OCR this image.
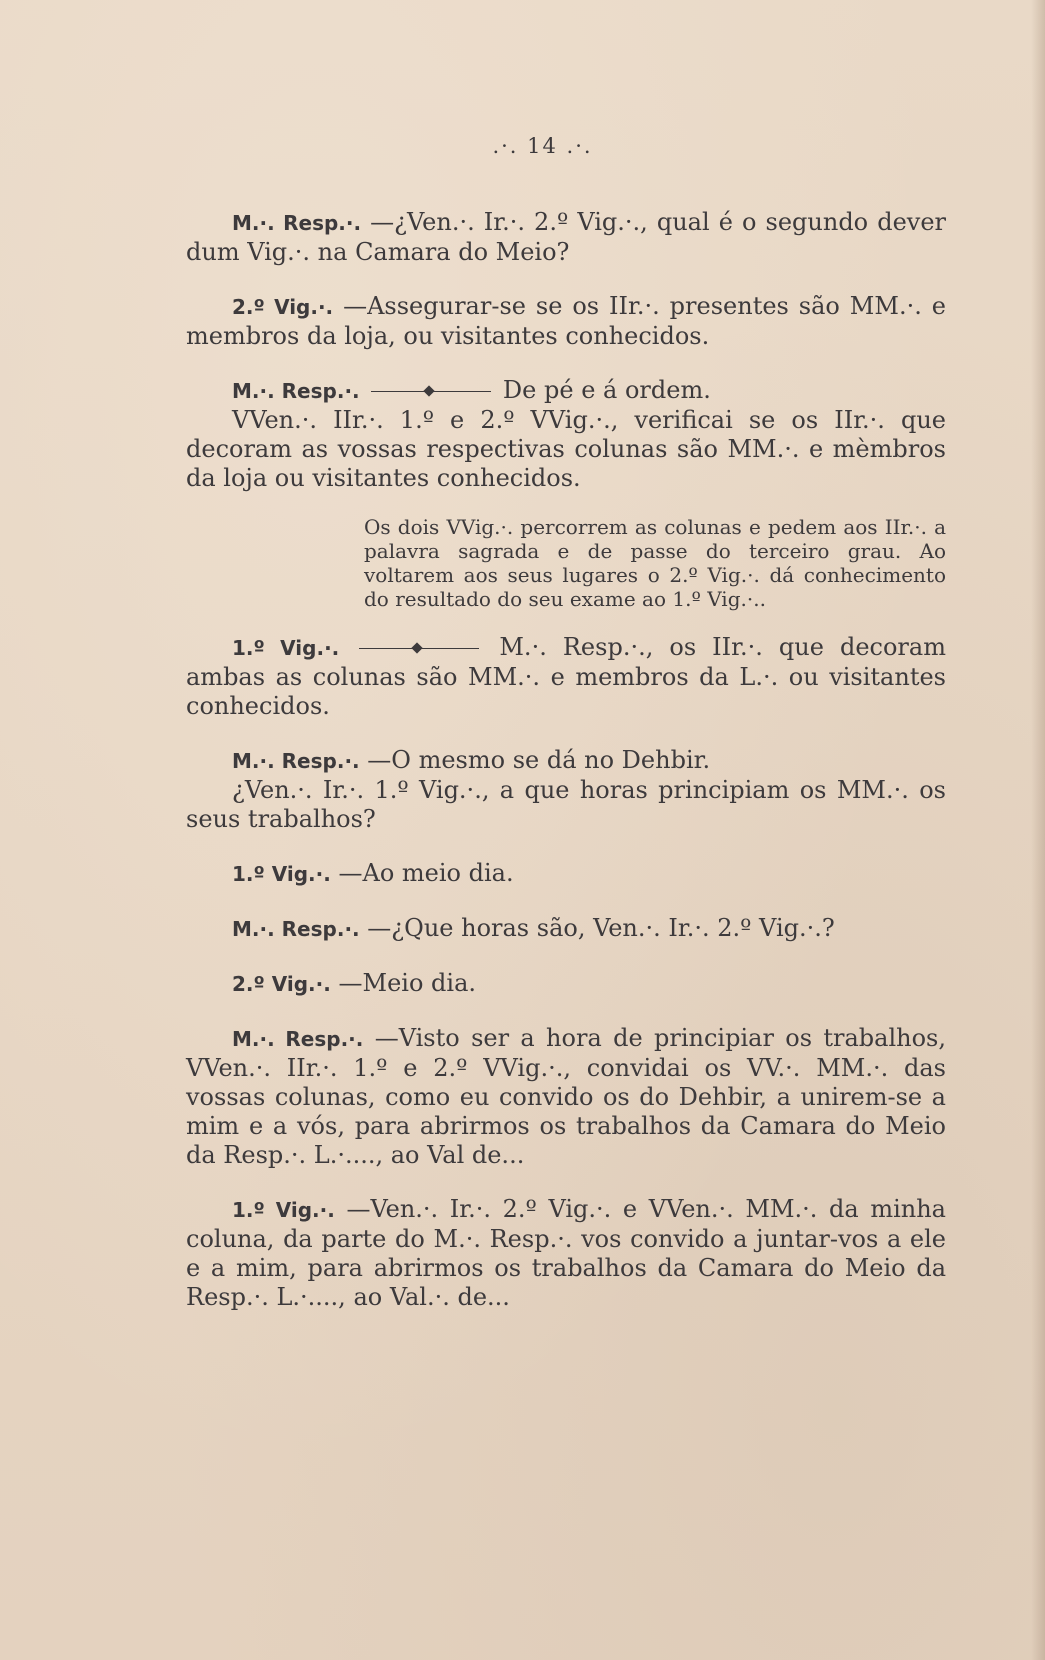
.·. 14 .·.

M.·. Resp.·. —¿Ven.·. Ir.·. 2.º Vig.·., qual é o segundo dever dum Vig.·. na Camara do Meio?

2.º Vig.·. —Assegurar-se se os IIr.·. presentes são MM.·. e membros da loja, ou visitantes conhecidos.

M.·. Resp.·.	De pé e á ordem.
VVen.·. IIr.·. 1.º e 2.º VVig.·., verificai se os IIr.·. que decoram as vossas respectivas colunas são MM.·. e mèmbros da loja ou visitantes conhecidos.

Os dois VVig.·. percorrem as colunas e pedem aos IIr.·. a palavra sagrada e de passe do terceiro grau. Ao voltarem aos seus lugares o 2.º Vig.·. dá conhecimento do resultado do seu exame ao 1.º Vig.·..

1.º Vig.·.	M.·. Resp.·., os IIr.·. que decoram ambas as colunas são MM.·. e membros da L.·. ou visitantes conhecidos.

M.·. Resp.·. —O mesmo se dá no Dehbir.
¿Ven.·. Ir.·. 1.º Vig.·., a que horas principiam os MM.·. os seus trabalhos?

1.º Vig.·. —Ao meio dia.

M.·. Resp.·. —¿Que horas são, Ven.·. Ir.·. 2.º Vig.·.?

2.º Vig.·. —Meio dia.

M.·. Resp.·. —Visto ser a hora de principiar os trabalhos, VVen.·. IIr.·. 1.º e 2.º VVig.·., convidai os VV.·. MM.·. das vossas colunas, como eu convido os do Dehbir, a unirem-se a mim e a vós, para abrirmos os trabalhos da Camara do Meio da Resp.·. L.·...., ao Val de...

1.º Vig.·. —Ven.·. Ir.·. 2.º Vig.·. e VVen.·. MM.·. da minha coluna, da parte do M.·. Resp.·. vos convido a juntar-vos a ele e a mim, para abrirmos os trabalhos da Camara do Meio da Resp.·. L.·...., ao Val.·. de...
